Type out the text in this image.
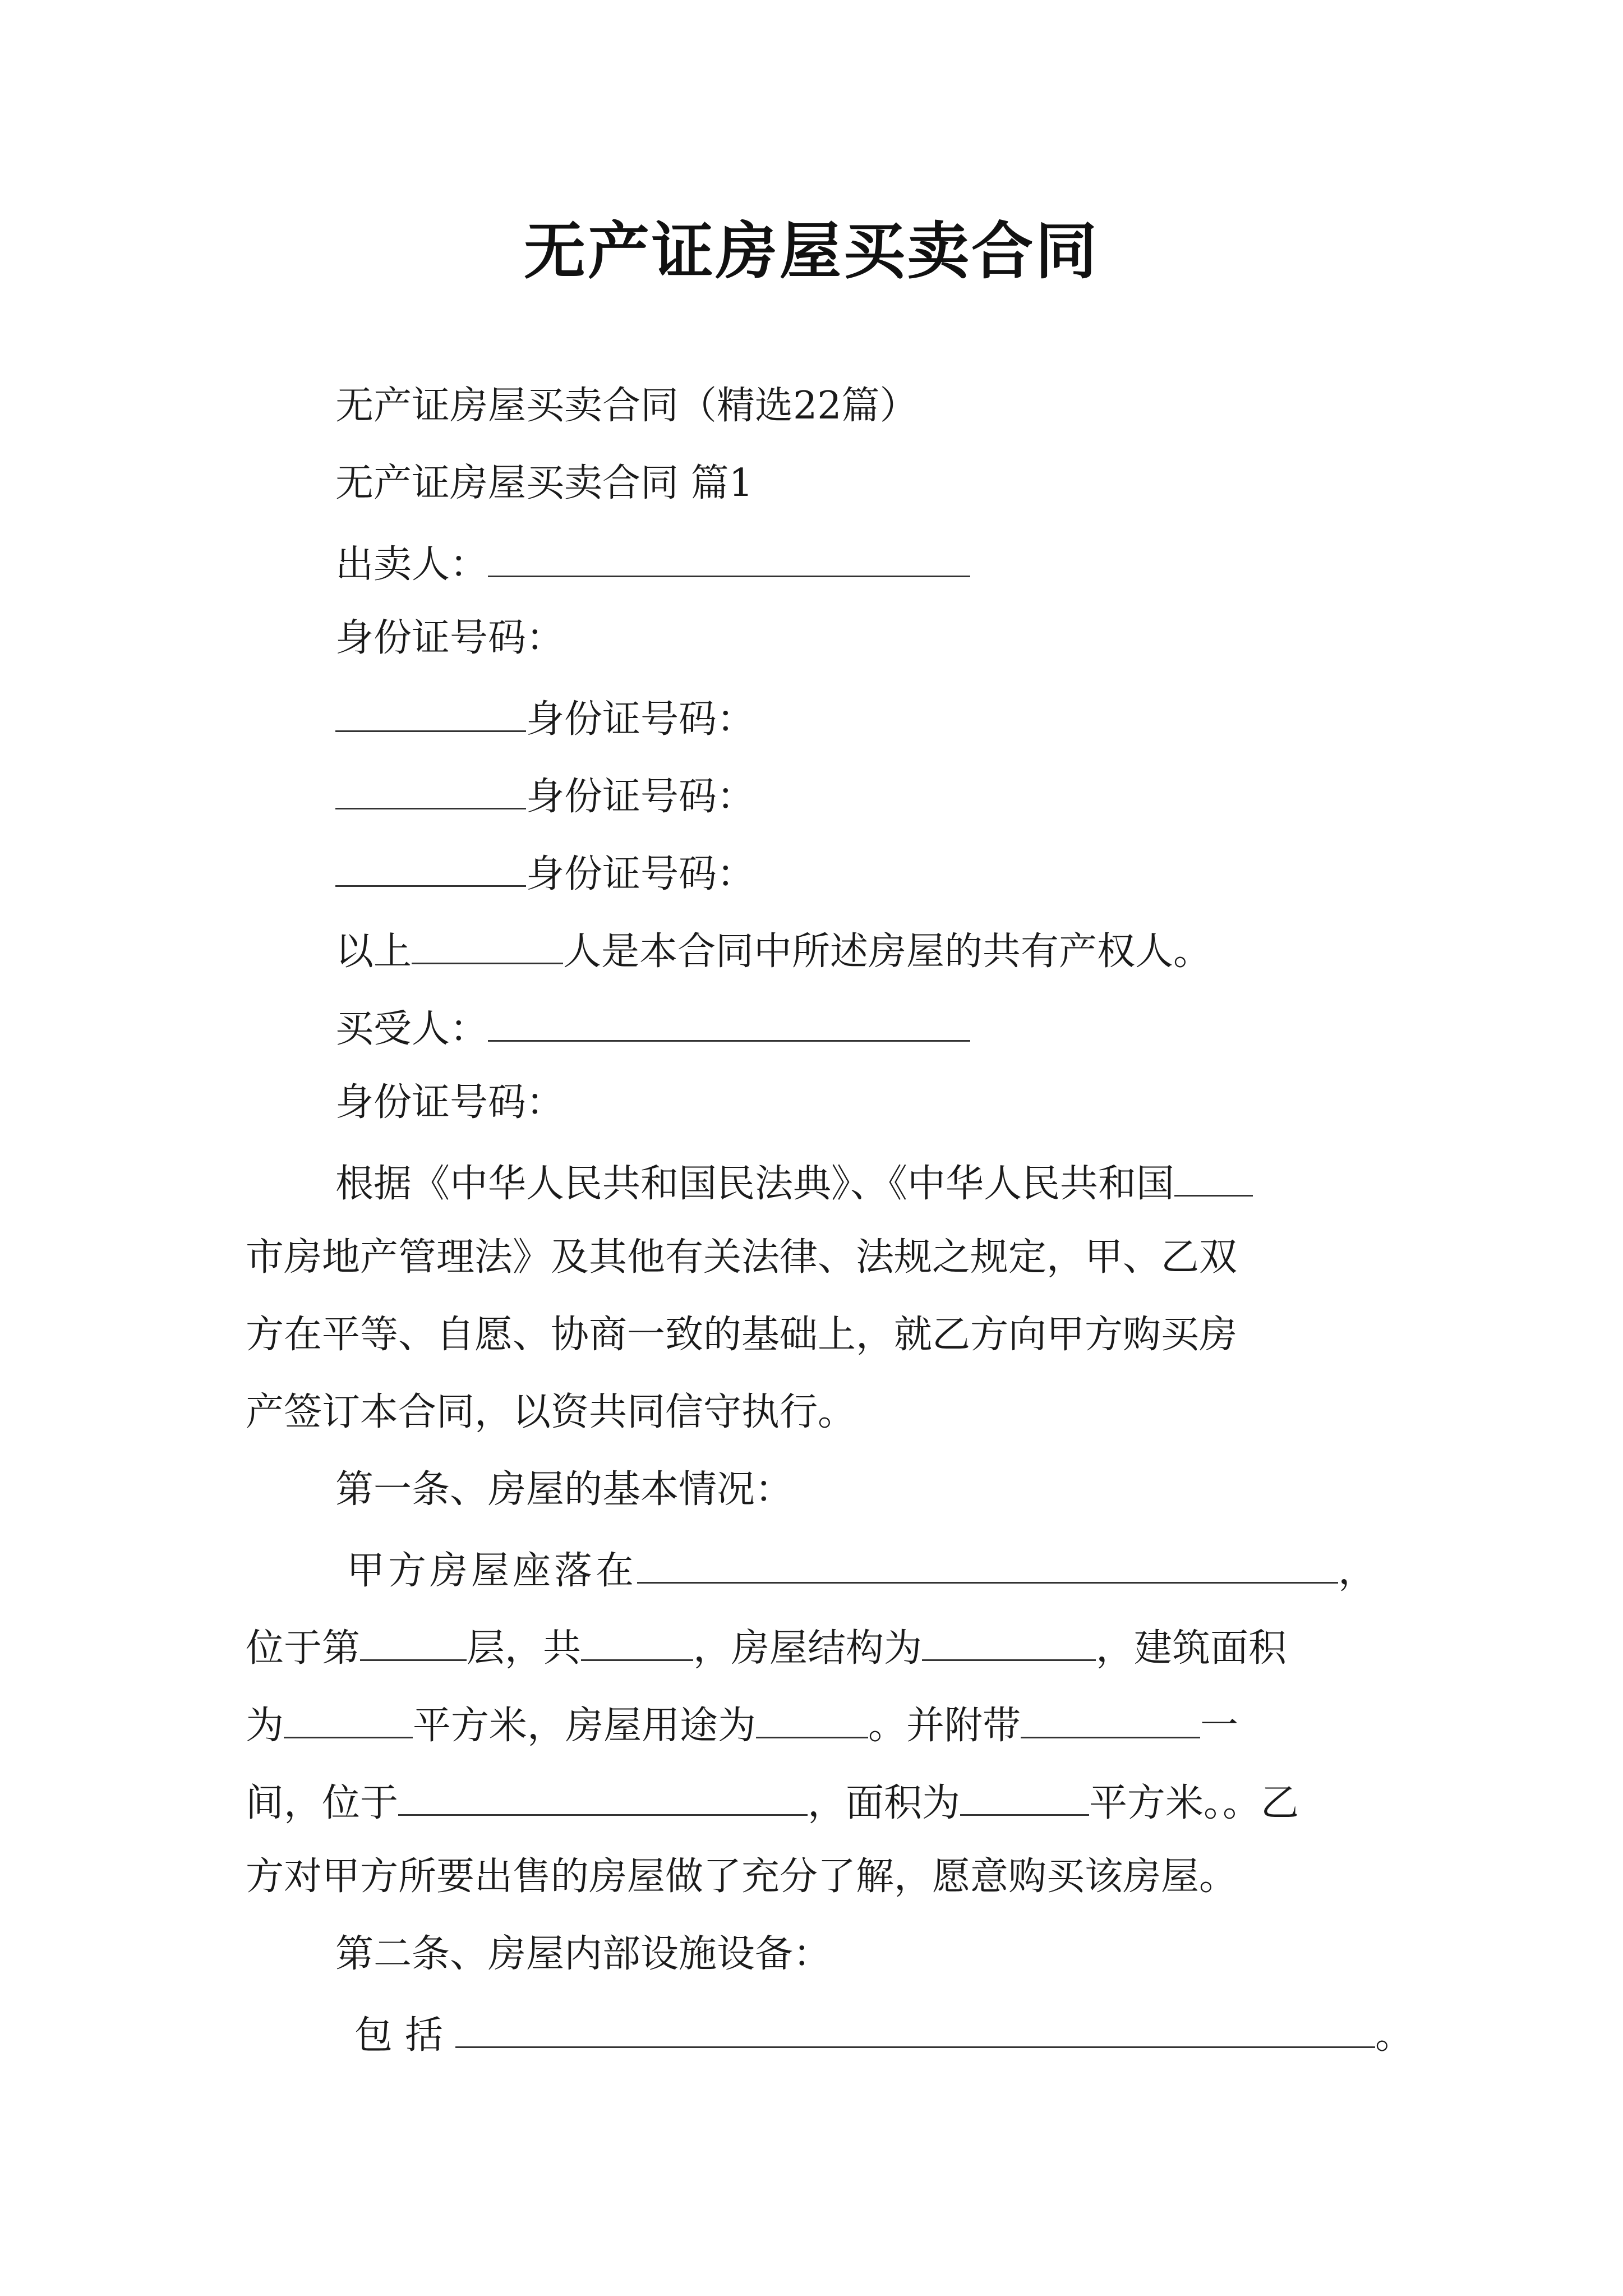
无产证房屋买卖合同
无产证房屋买卖合同（精选22篇）
无产证房屋买卖合同 篇1
出卖人：
身份证号码：
身份证号码：
身份证号码：
身份证号码：
以上	人是本合同中所述房屋的共有产权人。
买受人：
身份证号码：
根据《中华人民共和国民法典》、《中华人民共和国
市房地产管理法》及其他有关法律、法规之规定，甲、乙双
方在平等、自愿、协商一致的基础上，就乙方向甲方购买房
产签订本合同，以资共同信守执行。
第一条、房屋的基本情况：
甲方房屋座落在	，
位于第	层，共	，房屋结构为	，建筑面积
为	平方米，房屋用途为	。并附带	一
间，位于	，面积为	平方米。。乙
方对甲方所要出售的房屋做了充分了解，愿意购买该房屋。
第二条、房屋内部设施设备：
包括	。
